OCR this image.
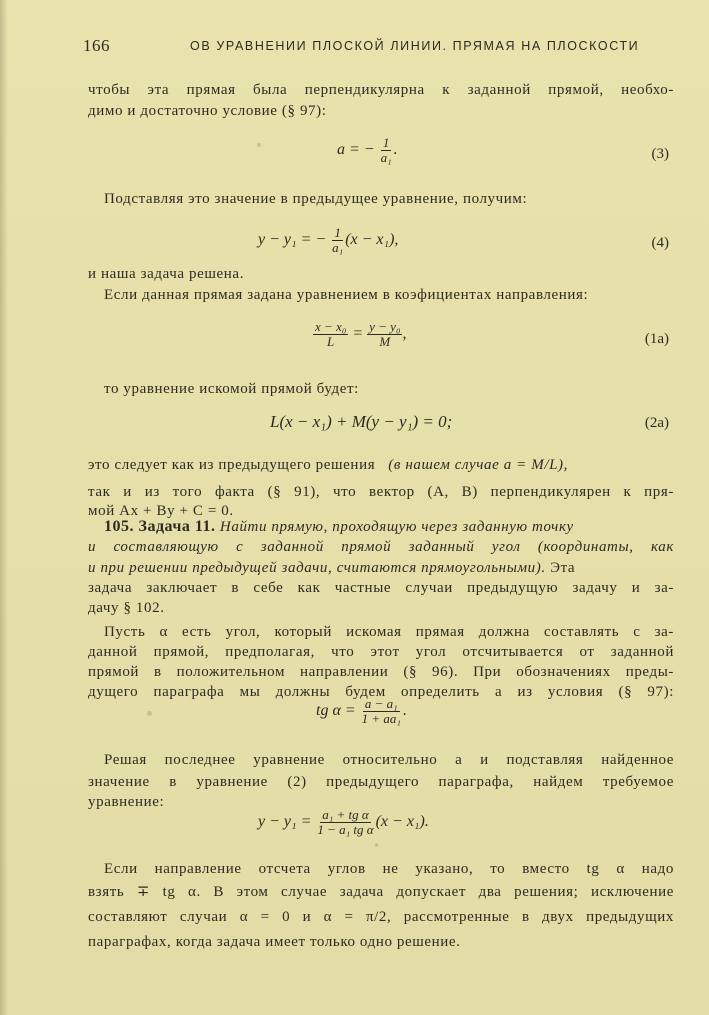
166	ОВ УРАВНЕНИИ ПЛОСКОЙ ЛИНИИ. ПРЯМАЯ НА ПЛОСКОСТИ
чтобы эта прямая была перпендикулярна к заданной прямой, необхо-
димо и достаточно условие (§ 97):
a = − $\frac{1}{\text{a₁}}$ .	(3)
Подставляя это значение в предыдущее уравнение, получим:
y − y₁ = − $\frac{1}{\text{a₁}} (x - x_1)$,	(4)
и наша задача решена.
Если данная прямая задана уравнением в коэфициентах направления:
$\frac{\text{x − x₀}}{L} = \frac{\text{y − y₀}}{M}$ ,	(1a)
то уравнение искомой прямой будет:
L(x − x₁) + M(y − y₁) = 0;	(2a)
это следует как из предыдущего решения (в нашем случае a = M/L),
так и из того факта (§ 91), что вектор (A, B) перпендикулярен к пря-
мой Ax + By + C = 0.
105. Задача 11. Найти прямую, проходящую через заданную точку
и составляющую с заданной прямой заданный угол (координаты, как
и при решении предыдущей задачи, считаются прямоугольными). Эта
задача заключает в себе как частные случаи предыдущую задачу и за-
дачу § 102.
Пусть α есть угол, который искомая прямая должна составлять с за-
данной прямой, предполагая, что этот угол отсчитывается от заданной
прямой в положительном направлении (§ 96). При обозначениях преды-
дущего параграфа мы должны будем определить a из условия (§ 97):
tg $\alpha = \frac{\text{a − a₁}}{\text{1 + aa₁}}$ .
Решая последнее уравнение относительно a и подставляя найденное
значение в уравнение (2) предыдущего параграфа, найдем требуемое
уравнение:
$y - y_1 = \frac{\text{a₁ + tg α}}{\text{1 − a₁ tg α}} (x - x_1)$.
Если направление отсчета углов не указано, то вместо tg α надо
взять ∓ tg α. В этом случае задача допускает два решения; исключение
составляют случаи α = 0 и α = π/2, рассмотренные в двух предыдущих
параграфах, когда задача имеет только одно решение.
